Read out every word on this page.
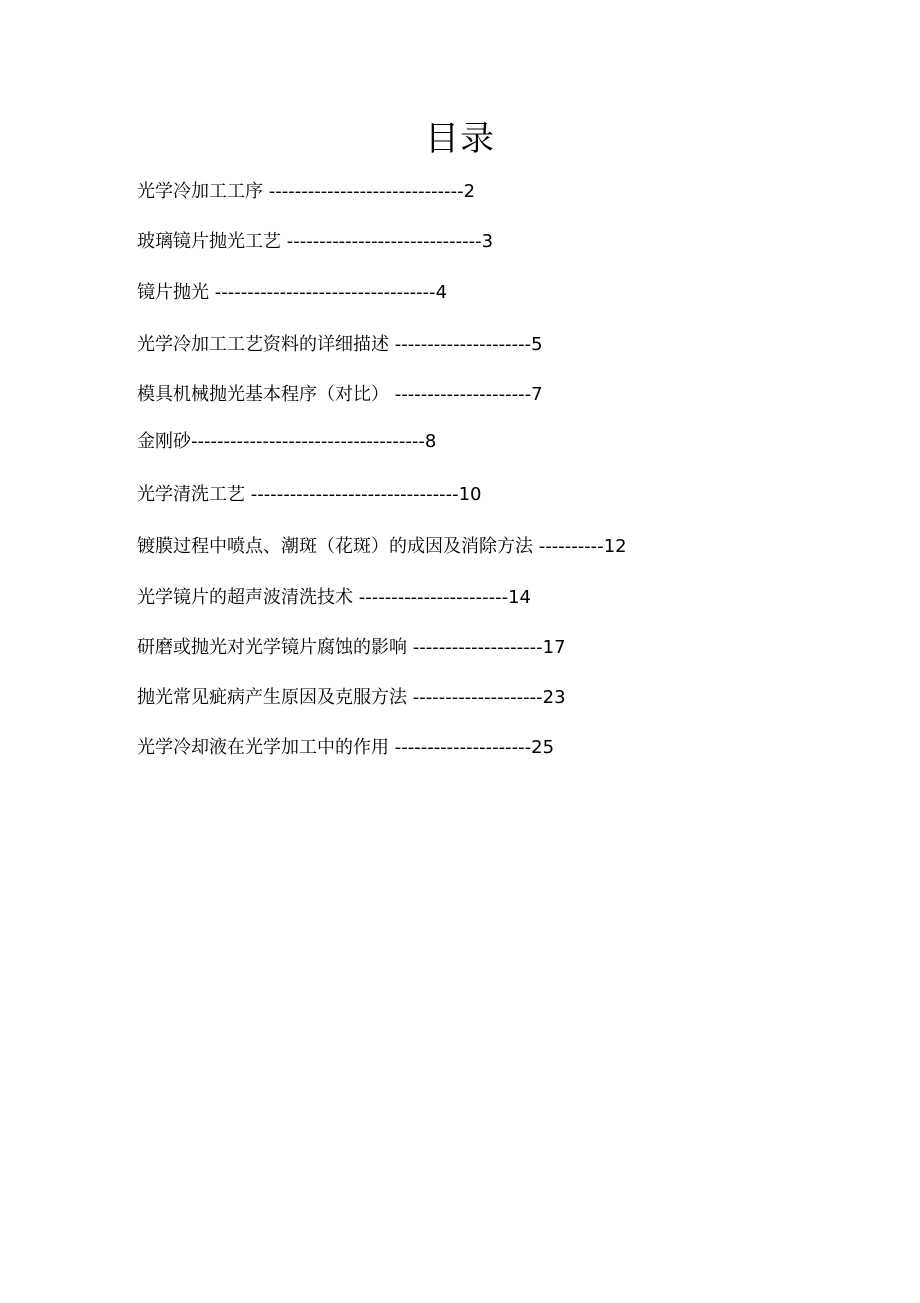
目录
光学冷加工工序 ------------------------------2
玻璃镜片抛光工艺 ------------------------------3
镜片抛光 ----------------------------------4
光学冷加工工艺资料的详细描述 ---------------------5
模具机械抛光基本程序（对比） ---------------------7
金刚砂------------------------------------8
光学清洗工艺 --------------------------------10
镀膜过程中喷点、潮斑（花斑）的成因及消除方法 ----------12
光学镜片的超声波清洗技术 -----------------------14
研磨或抛光对光学镜片腐蚀的影响 --------------------17
抛光常见疵病产生原因及克服方法 --------------------23
光学冷却液在光学加工中的作用 ---------------------25
